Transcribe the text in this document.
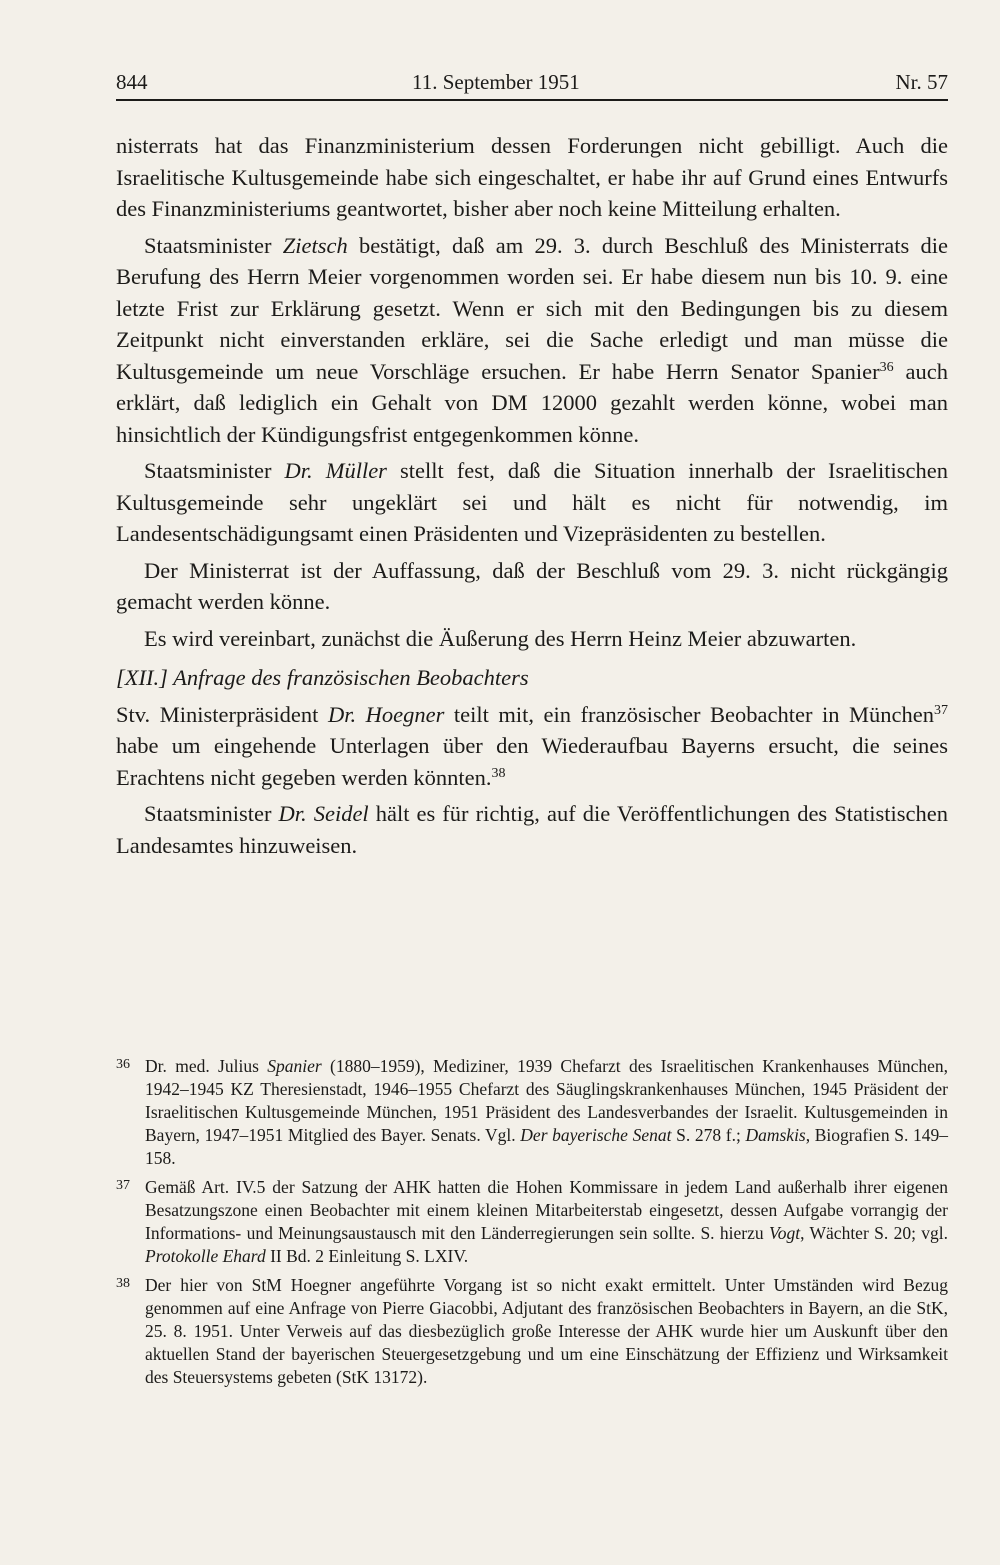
844	11. September 1951	Nr. 57

nisterrats hat das Finanzministerium dessen Forderungen nicht gebilligt. Auch die Israelitische Kultusgemeinde habe sich eingeschaltet, er habe ihr auf Grund eines Entwurfs des Finanzministeriums geantwortet, bisher aber noch keine Mitteilung erhalten.

Staatsminister Zietsch bestätigt, daß am 29. 3. durch Beschluß des Ministerrats die Berufung des Herrn Meier vorgenommen worden sei. Er habe diesem nun bis 10. 9. eine letzte Frist zur Erklärung gesetzt. Wenn er sich mit den Bedingungen bis zu diesem Zeitpunkt nicht einverstanden erkläre, sei die Sache erledigt und man müsse die Kultusgemeinde um neue Vorschläge ersuchen. Er habe Herrn Senator Spanier$^{36}$ auch erklärt, daß lediglich ein Gehalt von DM 12000 gezahlt werden könne, wobei man hinsichtlich der Kündigungsfrist entgegenkommen könne.

Staatsminister Dr. Müller stellt fest, daß die Situation innerhalb der Israelitischen Kultusgemeinde sehr ungeklärt sei und hält es nicht für notwendig, im Landesentschädigungsamt einen Präsidenten und Vizepräsidenten zu bestellen.

Der Ministerrat ist der Auffassung, daß der Beschluß vom 29. 3. nicht rückgängig gemacht werden könne.

Es wird vereinbart, zunächst die Äußerung des Herrn Heinz Meier abzuwarten.

[XII.] Anfrage des französischen Beobachters

Stv. Ministerpräsident Dr. Hoegner teilt mit, ein französischer Beobachter in München$^{37}$ habe um eingehende Unterlagen über den Wiederaufbau Bayerns ersucht, die seines Erachtens nicht gegeben werden könnten.$^{38}$

Staatsminister Dr. Seidel hält es für richtig, auf die Veröffentlichungen des Statistischen Landesamtes hinzuweisen.

36 Dr. med. Julius Spanier (1880–1959), Mediziner, 1939 Chefarzt des Israelitischen Krankenhauses München, 1942–1945 KZ Theresienstadt, 1946–1955 Chefarzt des Säuglingskrankenhauses München, 1945 Präsident der Israelitischen Kultusgemeinde München, 1951 Präsident des Landesverbandes der Israelit. Kultusgemeinden in Bayern, 1947–1951 Mitglied des Bayer. Senats. Vgl. Der bayerische Senat S. 278 f.; Damskis, Biografien S. 149–158.
37 Gemäß Art. IV.5 der Satzung der AHK hatten die Hohen Kommissare in jedem Land außerhalb ihrer eigenen Besatzungszone einen Beobachter mit einem kleinen Mitarbeiterstab eingesetzt, dessen Aufgabe vorrangig der Informations- und Meinungsaustausch mit den Länderregierungen sein sollte. S. hierzu Vogt, Wächter S. 20; vgl. Protokolle Ehard II Bd. 2 Einleitung S. LXIV.
38 Der hier von StM Hoegner angeführte Vorgang ist so nicht exakt ermittelt. Unter Umständen wird Bezug genommen auf eine Anfrage von Pierre Giacobbi, Adjutant des französischen Beobachters in Bayern, an die StK, 25. 8. 1951. Unter Verweis auf das diesbezüglich große Interesse der AHK wurde hier um Auskunft über den aktuellen Stand der bayerischen Steuergesetzgebung und um eine Einschätzung der Effizienz und Wirksamkeit des Steuersystems gebeten (StK 13172).
